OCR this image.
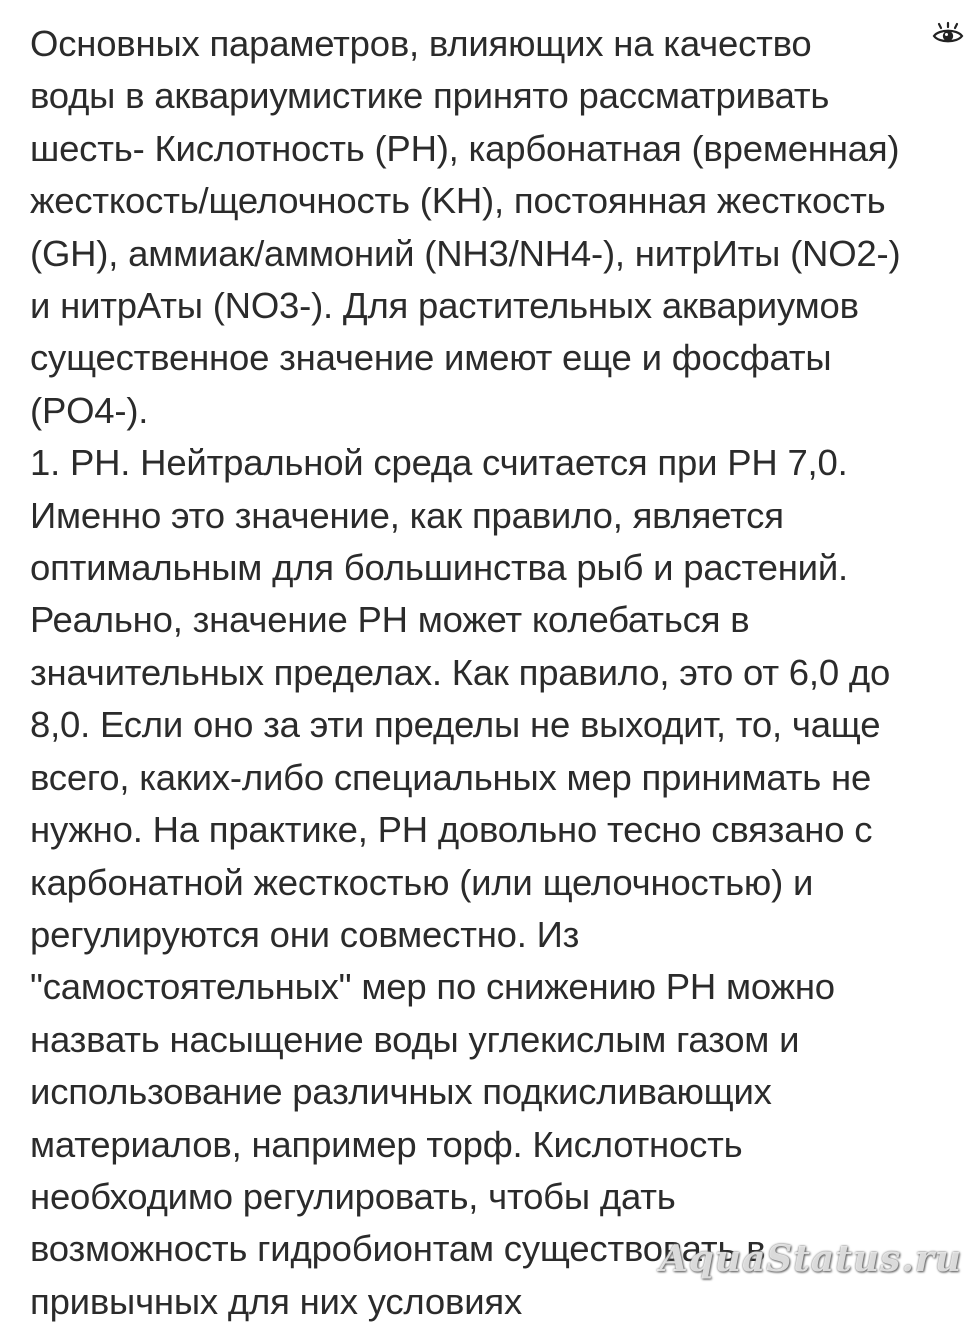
Основных параметров, влияющих на качество
воды в аквариумистике принято рассматривать
шесть- Кислотность (PH), карбонатная (временная)
жесткость/щелочность (KH), постоянная жесткость
(GH), аммиак/аммоний (NH3/NH4-), нитрИты (NO2-)
и нитрАты (NO3-). Для растительных аквариумов
существенное значение имеют еще и фосфаты
(PO4-).
1. PH. Нейтральной среда считается при PH 7,0.
Именно это значение, как правило, является
оптимальным для большинства рыб и растений.
Реально, значение PH может колебаться в
значительных пределах. Как правило, это от 6,0 до
8,0. Если оно за эти пределы не выходит, то, чаще
всего, каких-либо специальных мер принимать не
нужно. На практике, PH довольно тесно связано с
карбонатной жесткостью (или щелочностью) и
регулируются они совместно. Из
"самостоятельных" мер по снижению PH можно
назвать насыщение воды углекислым газом и
использование различных подкисливающих
материалов, например торф. Кислотность
необходимо регулировать, чтобы дать
возможность гидробионтам существовать в
привычных для них условиях
AquaStatus.ru
